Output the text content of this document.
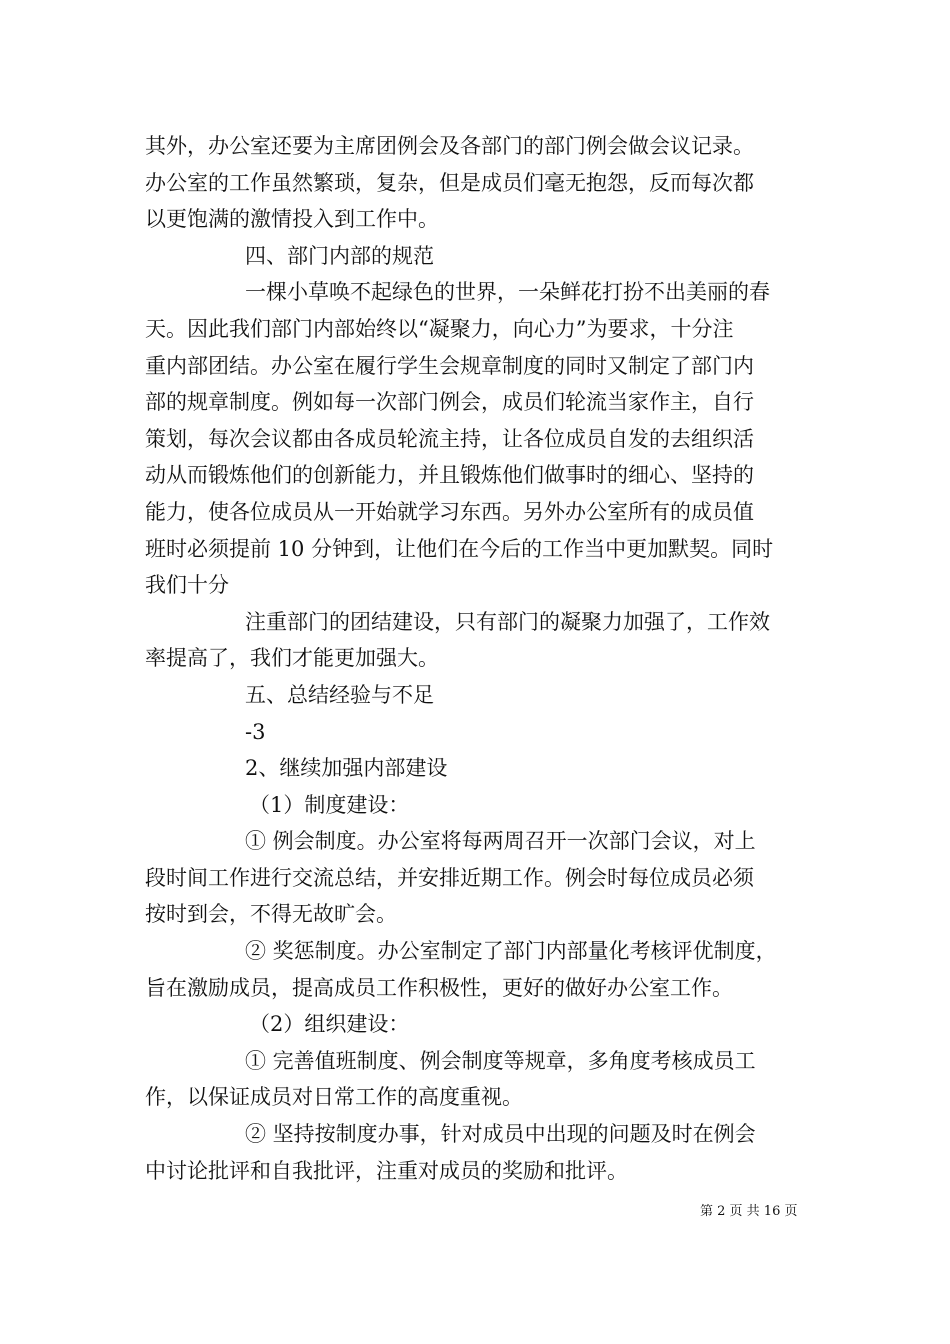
其外，办公室还要为主席团例会及各部门的部门例会做会议记录。
办公室的工作虽然繁琐，复杂，但是成员们毫无抱怨，反而每次都
以更饱满的激情投入到工作中。
四、部门内部的规范
一棵小草唤不起绿色的世界，一朵鲜花打扮不出美丽的春
天。因此我们部门内部始终以“凝聚力，向心力”为要求，十分注
重内部团结。办公室在履行学生会规章制度的同时又制定了部门内
部的规章制度。例如每一次部门例会，成员们轮流当家作主，自行
策划，每次会议都由各成员轮流主持，让各位成员自发的去组织活
动从而锻炼他们的创新能力，并且锻炼他们做事时的细心、坚持的
能力，使各位成员从一开始就学习东西。另外办公室所有的成员值
班时必须提前 10 分钟到，让他们在今后的工作当中更加默契。同时
我们十分
注重部门的团结建设，只有部门的凝聚力加强了，工作效
率提高了，我们才能更加强大。
五、总结经验与不足
-3
2、继续加强内部建设
（1）制度建设：
① 例会制度。办公室将每两周召开一次部门会议，对上
段时间工作进行交流总结，并安排近期工作。例会时每位成员必须
按时到会，不得无故旷会。
② 奖惩制度。办公室制定了部门内部量化考核评优制度，
旨在激励成员，提高成员工作积极性，更好的做好办公室工作。
（2）组织建设：
① 完善值班制度、例会制度等规章，多角度考核成员工
作，以保证成员对日常工作的高度重视。
② 坚持按制度办事，针对成员中出现的问题及时在例会
中讨论批评和自我批评，注重对成员的奖励和批评。
第 2 页 共 16 页
